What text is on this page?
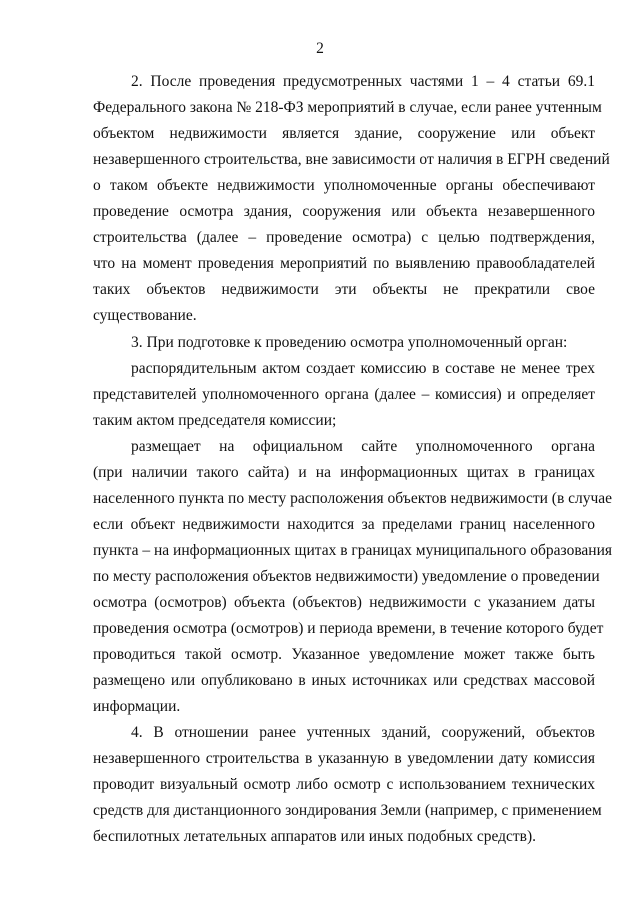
2
2. После проведения предусмотренных частями 1 – 4 статьи 69.1
Федерального закона № 218-ФЗ мероприятий в случае, если ранее учтенным
объектом недвижимости является здание, сооружение или объект
незавершенного строительства, вне зависимости от наличия в ЕГРН сведений
о таком объекте недвижимости уполномоченные органы обеспечивают
проведение осмотра здания, сооружения или объекта незавершенного
строительства (далее – проведение осмотра) с целью подтверждения,
что на момент проведения мероприятий по выявлению правообладателей
таких объектов недвижимости эти объекты не прекратили свое
существование.
3. При подготовке к проведению осмотра уполномоченный орган:
распорядительным актом создает комиссию в составе не менее трех
представителей уполномоченного органа (далее – комиссия) и определяет
таким актом председателя комиссии;
размещает на официальном сайте уполномоченного органа
(при наличии такого сайта) и на информационных щитах в границах
населенного пункта по месту расположения объектов недвижимости (в случае
если объект недвижимости находится за пределами границ населенного
пункта – на информационных щитах в границах муниципального образования
по месту расположения объектов недвижимости) уведомление о проведении
осмотра (осмотров) объекта (объектов) недвижимости с указанием даты
проведения осмотра (осмотров) и периода времени, в течение которого будет
проводиться такой осмотр. Указанное уведомление может также быть
размещено или опубликовано в иных источниках или средствах массовой
информации.
4. В отношении ранее учтенных зданий, сооружений, объектов
незавершенного строительства в указанную в уведомлении дату комиссия
проводит визуальный осмотр либо осмотр с использованием технических
средств для дистанционного зондирования Земли (например, с применением
беспилотных летательных аппаратов или иных подобных средств).
